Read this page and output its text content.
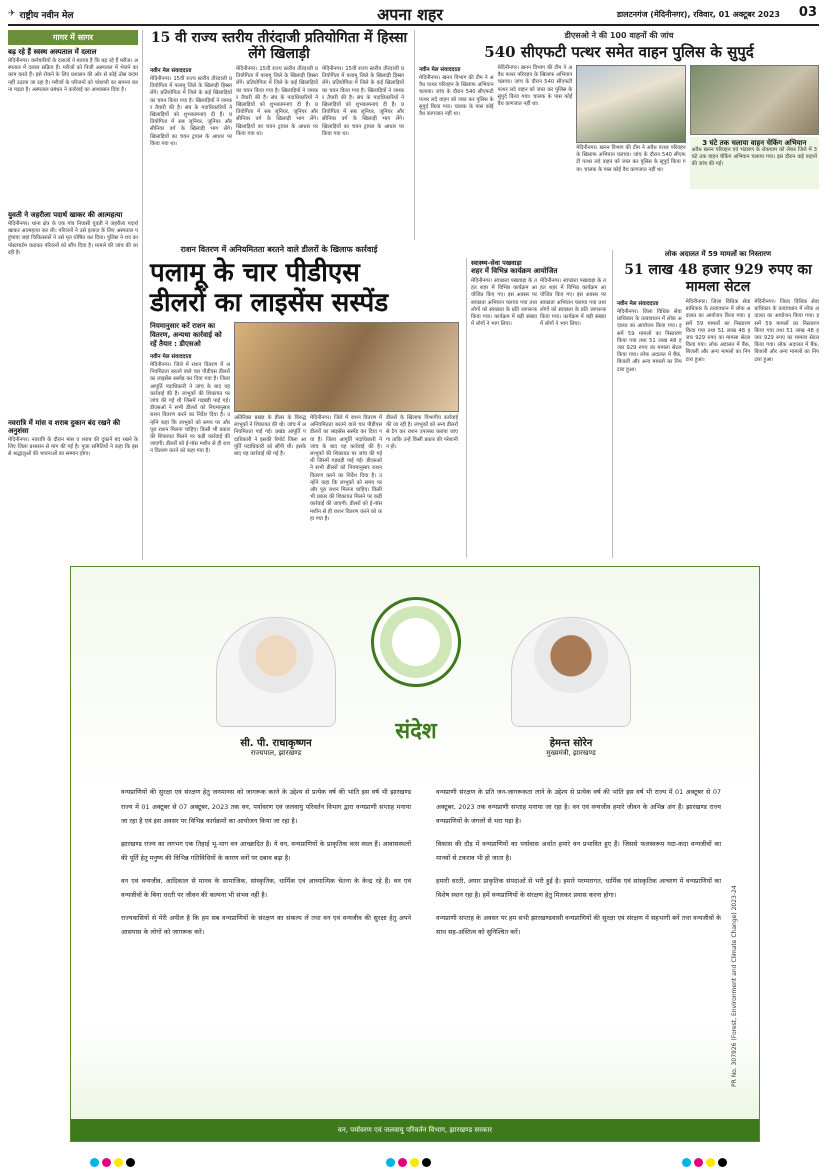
✈ राष्ट्रीय नवीन मेल	अपना शहर	डालटनगंज (मेदिनीनगर), रविवार, 01 अक्टूबर 2023	03
गागर में सागर
बढ़ रहे हैं स्वस्थ अस्पताल में दलाल
मेदिनीनगर। कर्मचारियों के दलालों ने बताया है कि बढ़ रहे हैं मरीज। अस्पताल में दलाल सक्रिय हैं। मरीजों को निजी अस्पताल में भेजने का काम करते हैं। इसे रोकने के लिए प्रशासन की ओर से कोई ठोस कदम नहीं उठाया जा रहा है। मरीजों के परिजनों को परेशानी का सामना करना पड़ता है। अस्पताल प्रबंधन ने कार्रवाई का आश्वासन दिया है।
युवती ने जहरीला पदार्थ खाकर की आत्महत्या
मेदिनीनगर। थाना क्षेत्र के एक गांव निवासी युवती ने जहरीला पदार्थ खाकर आत्महत्या कर ली। परिजनों ने उसे इलाज के लिए अस्पताल पहुंचाया जहां चिकित्सकों ने उसे मृत घोषित कर दिया। पुलिस ने शव का पोस्टमार्टम कराकर परिजनों को सौंप दिया है। मामले की जांच की जा रही है।
नवरात्रि में मांस व शराब दुकान बंद रखने की अनुशंसा
मेदिनीनगर। नवरात्रि के दौरान मांस व शराब की दुकानें बंद रखने के लिए जिला प्रशासन से मांग की गई है। पूजा समितियों ने कहा कि इससे श्रद्धालुओं की भावनाओं का सम्मान होगा।
15 वी राज्य स्तरीय तीरंदाजी प्रतियोगिता में हिस्सा लेंगे खिलाड़ी
नवीन मेल संवाददाता
मेदिनीनगर। 15वीं राज्य स्तरीय तीरंदाजी प्रतियोगिता में पलामू जिले के खिलाड़ी हिस्सा लेंगे। प्रतियोगिता में जिले के कई खिलाड़ियों का चयन किया गया है। खिलाड़ियों ने जमकर तैयारी की है। संघ के पदाधिकारियों ने खिलाड़ियों को शुभकामनाएं दी हैं। प्रतियोगिता में सब जूनियर, जूनियर और सीनियर वर्ग के खिलाड़ी भाग लेंगे। खिलाड़ियों का चयन ट्रायल के आधार पर किया गया था।
मेदिनीनगर। 15वीं राज्य स्तरीय तीरंदाजी प्रतियोगिता में पलामू जिले के खिलाड़ी हिस्सा लेंगे। प्रतियोगिता में जिले के कई खिलाड़ियों का चयन किया गया है। खिलाड़ियों ने जमकर तैयारी की है। संघ के पदाधिकारियों ने खिलाड़ियों को शुभकामनाएं दी हैं। प्रतियोगिता में सब जूनियर, जूनियर और सीनियर वर्ग के खिलाड़ी भाग लेंगे। खिलाड़ियों का चयन ट्रायल के आधार पर किया गया था।
मेदिनीनगर। 15वीं राज्य स्तरीय तीरंदाजी प्रतियोगिता में पलामू जिले के खिलाड़ी हिस्सा लेंगे। प्रतियोगिता में जिले के कई खिलाड़ियों का चयन किया गया है। खिलाड़ियों ने जमकर तैयारी की है। संघ के पदाधिकारियों ने खिलाड़ियों को शुभकामनाएं दी हैं। प्रतियोगिता में सब जूनियर, जूनियर और सीनियर वर्ग के खिलाड़ी भाग लेंगे। खिलाड़ियों का चयन ट्रायल के आधार पर किया गया था।
डीएसओ ने की 100 वाहनों की जांच
540 सीएफटी पत्थर समेत वाहन पुलिस के सुपुर्द
नवीन मेल संवाददाता
मेदिनीनगर। खनन विभाग की टीम ने अवैध पत्थर परिवहन के खिलाफ अभियान चलाया। जांच के दौरान 540 सीएफटी पत्थर लदे वाहन को जब्त कर पुलिस के सुपुर्द किया गया। चालक के पास कोई वैध कागजात नहीं था।
मेदिनीनगर। खनन विभाग की टीम ने अवैध पत्थर परिवहन के खिलाफ अभियान चलाया। जांच के दौरान 540 सीएफटी पत्थर लदे वाहन को जब्त कर पुलिस के सुपुर्द किया गया। चालक के पास कोई वैध कागजात नहीं था।
मेदिनीनगर। खनन विभाग की टीम ने अवैध पत्थर परिवहन के खिलाफ अभियान चलाया। जांच के दौरान 540 सीएफटी पत्थर लदे वाहन को जब्त कर पुलिस के सुपुर्द किया गया। चालक के पास कोई वैध कागजात नहीं था।
3 घंटे तक चलाया वाहन चेकिंग अभियान
अवैध खनन परिवहन एवं भंडारण के रोकथाम को लेकर जिले में 3 घंटे तक वाहन चेकिंग अभियान चलाया गया। इस दौरान कई वाहनों की जांच की गई।
राशन वितरण में अनियमितता बरतने वाले डीलरों के खिलाफ कार्रवाई
पलामू के चार पीडीएस
डीलरों का लाइसेंस सस्पेंड
नियमानुसार करें राशन का वितरण, अन्यथा कार्रवाई को रहें तैयार : डीएसओ
नवीन मेल संवाददाता
मेदिनीनगर। जिले में राशन वितरण में अनियमितता बरतने वाले चार पीडीएस डीलरों का लाइसेंस सस्पेंड कर दिया गया है। जिला आपूर्ति पदाधिकारी ने जांच के बाद यह कार्रवाई की है। लाभुकों की शिकायत पर जांच की गई थी जिसमें गड़बड़ी पाई गई। डीएसओ ने सभी डीलरों को नियमानुसार राशन वितरण करने का निर्देश दिया है। उन्होंने कहा कि लाभुकों को समय पर और पूरा राशन मिलना चाहिए। किसी भी प्रकार की शिकायत मिलने पर कड़ी कार्रवाई की जाएगी। डीलरों को ई-पॉस मशीन से ही राशन वितरण करने को कहा गया है।
अतिरिक्त प्रखंड के डीलर के विरुद्ध लाभुकों ने शिकायत की थी। जांच में अनियमितता पाई गई। प्रखंड आपूर्ति पदाधिकारी ने इसकी रिपोर्ट जिला आपूर्ति पदाधिकारी को सौंपी थी। इसके बाद यह कार्रवाई की गई है।
मेदिनीनगर। जिले में राशन वितरण में अनियमितता बरतने वाले चार पीडीएस डीलरों का लाइसेंस सस्पेंड कर दिया गया है। जिला आपूर्ति पदाधिकारी ने जांच के बाद यह कार्रवाई की है। लाभुकों की शिकायत पर जांच की गई थी जिसमें गड़बड़ी पाई गई। डीएसओ ने सभी डीलरों को नियमानुसार राशन वितरण करने का निर्देश दिया है। उन्होंने कहा कि लाभुकों को समय पर और पूरा राशन मिलना चाहिए। किसी भी प्रकार की शिकायत मिलने पर कड़ी कार्रवाई की जाएगी। डीलरों को ई-पॉस मशीन से ही राशन वितरण करने को कहा गया है।
डीलरों के खिलाफ विभागीय कार्रवाई की जा रही है। लाभुकों को अन्य डीलरों से टैग कर राशन उपलब्ध कराया जाएगा ताकि उन्हें किसी प्रकार की परेशानी न हो।
स्वास्थ्य-सेवा पखवाड़ा
शहर में विभिन्न कार्यक्रम आयोजित
मेदिनीनगर। स्वच्छता पखवाड़ा के तहत शहर में विभिन्न कार्यक्रम आयोजित किए गए। इस अवसर पर स्वच्छता अभियान चलाया गया तथा लोगों को स्वच्छता के प्रति जागरूक किया गया। कार्यक्रम में बड़ी संख्या में लोगों ने भाग लिया।
मेदिनीनगर। स्वच्छता पखवाड़ा के तहत शहर में विभिन्न कार्यक्रम आयोजित किए गए। इस अवसर पर स्वच्छता अभियान चलाया गया तथा लोगों को स्वच्छता के प्रति जागरूक किया गया। कार्यक्रम में बड़ी संख्या में लोगों ने भाग लिया।
लोक अदालत में 59 मामलों का निस्तारण
51 लाख 48 हजार 929 रुपए का मामला सेटल
नवीन मेल संवाददाता
मेदिनीनगर। जिला विधिक सेवा प्राधिकार के तत्वावधान में लोक अदालत का आयोजन किया गया। इसमें 59 मामलों का निस्तारण किया गया तथा 51 लाख 48 हजार 929 रुपए का मामला सेटल किया गया। लोक अदालत में बैंक, बिजली और अन्य मामलों का निपटारा हुआ।
मेदिनीनगर। जिला विधिक सेवा प्राधिकार के तत्वावधान में लोक अदालत का आयोजन किया गया। इसमें 59 मामलों का निस्तारण किया गया तथा 51 लाख 48 हजार 929 रुपए का मामला सेटल किया गया। लोक अदालत में बैंक, बिजली और अन्य मामलों का निपटारा हुआ।
मेदिनीनगर। जिला विधिक सेवा प्राधिकार के तत्वावधान में लोक अदालत का आयोजन किया गया। इसमें 59 मामलों का निस्तारण किया गया तथा 51 लाख 48 हजार 929 रुपए का मामला सेटल किया गया। लोक अदालत में बैंक, बिजली और अन्य मामलों का निपटारा हुआ।
सी. पी. राधाकृष्णन
राज्यपाल, झारखण्ड
संदेश	हेमन्त सोरेन
मुख्यमंत्री, झारखण्ड

वन्यप्राणियों की सुरक्षा एवं संरक्षण हेतु जनमानस को जागरूक करने के उद्देश्य से प्रत्येक वर्ष की भांति इस वर्ष भी झारखण्ड राज्य में 01 अक्टूबर से 07 अक्टूबर, 2023 तक वन, पर्यावरण एवं जलवायु परिवर्तन विभाग द्वारा वन्यप्राणी सप्ताह मनाया जा रहा है एवं इस अवसर पर विभिन्न कार्यक्रमों का आयोजन किया जा रहा है।

झारखण्ड राज्य का लगभग एक तिहाई भू-भाग वन आच्छादित है। ये वन, वन्यप्राणियों के प्राकृतिक वास स्थल हैं। आवासस्थलों की पूर्ति हेतु मनुष्य की विभिन्न गतिविधियों के कारण वनों पर दबाव बढ़ा है।

वन एवं वन्यजीव, आदिकाल से मानव के सामाजिक, सांस्कृतिक, धार्मिक एवं आध्यात्मिक चेतना के केन्द्र रहे हैं। वन एवं वन्यजीवों के बिना धरती पर जीवन की कल्पना भी संभव नहीं है।

राज्यवासियों से मेरी अपील है कि हम सब वन्यप्राणियों के संरक्षण का संकल्प लें तथा वन एवं वन्यजीव की सुरक्षा हेतु अपने आसपास के लोगों को जागरूक करें।

वन्यप्राणी संरक्षण के प्रति जन-जागरूकता लाने के उद्देश्य से प्रत्येक वर्ष की भांति इस वर्ष भी राज्य में 01 अक्टूबर से 07 अक्टूबर, 2023 तक वन्यप्राणी सप्ताह मनाया जा रहा है। वन एवं वन्यजीव हमारे जीवन के अभिन्न अंग हैं। झारखण्ड राज्य वन्यप्राणियों के जंगलों से भरा पड़ा है।

विकास की दौड़ में वन्यप्राणियों का पर्यावास अर्थात हमारे वन प्रभावित हुए हैं। जिससे फलस्वरूप यदा-कदा वन्यजीवों का मानवों से टकराव भी हो जाता है।

हमारी धरती, अपार प्राकृतिक संपदाओं से भरी हुई है। हमारे परम्परागत, धार्मिक एवं सांस्कृतिक आचरण में वन्यप्राणियों का विशेष स्थान रहा है। हमें वन्यप्राणियों के संरक्षण हेतु मिलकर प्रयास करना होगा।

वन्यप्राणी सप्ताह के अवसर पर हम सभी झारखण्डवासी वन्यप्राणियों की सुरक्षा एवं संरक्षण में सहभागी बनें तथा वन्यजीवों के साथ सह-अस्तित्व को सुनिश्चित करें।	PR No. 307926 (Forest, Environment and Climate Change) 2023-24
वन, पर्यावरण एवं जलवायु परिवर्तन विभाग, झारखण्ड सरकार
